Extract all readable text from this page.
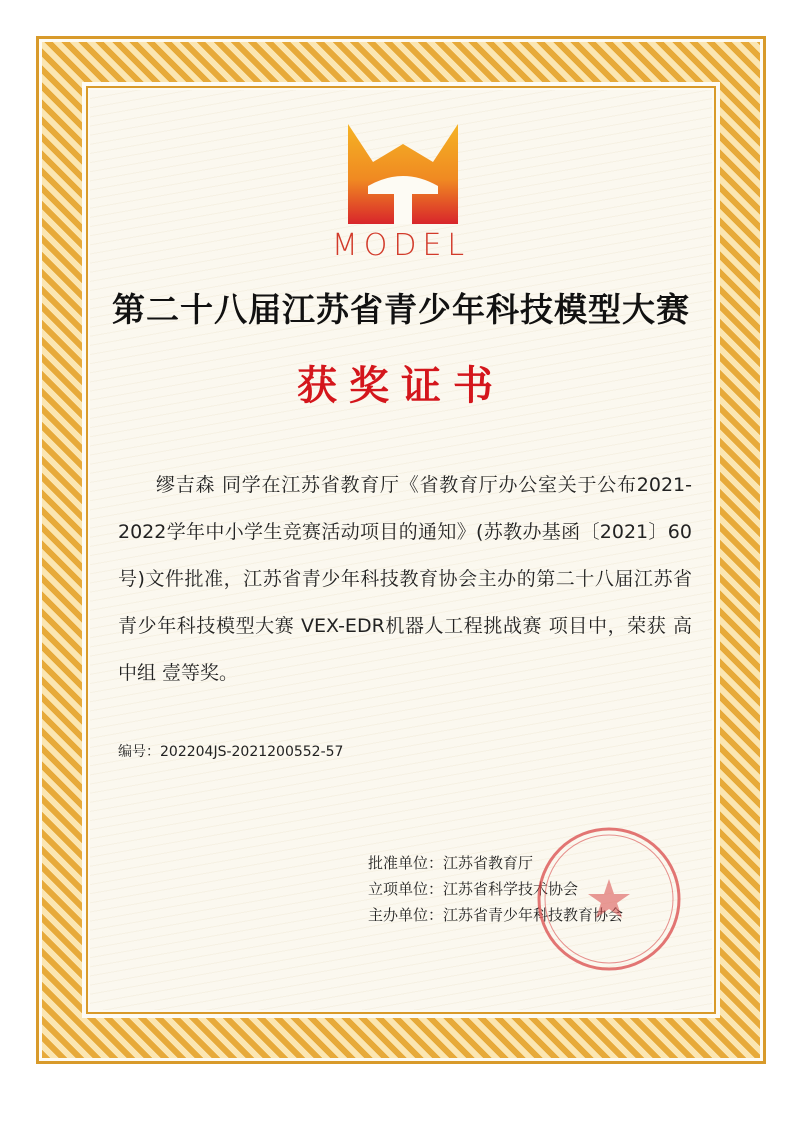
MODEL
第二十八届江苏省青少年科技模型大赛
获奖证书

缪吉森 同学在江苏省教育厅《省教育厅办公室关于公布2021-2022学年中小学生竞赛活动项目的通知》(苏教办基函〔2021〕60号)文件批准，江苏省青少年科技教育协会主办的第二十八届江苏省青少年科技模型大赛 VEX-EDR机器人工程挑战赛 项目中，荣获 高中组 壹等奖。

编号：202204JS-2021200552-57
批准单位：江苏省教育厅
立项单位：江苏省科学技术协会
主办单位：江苏省青少年科技教育协会
